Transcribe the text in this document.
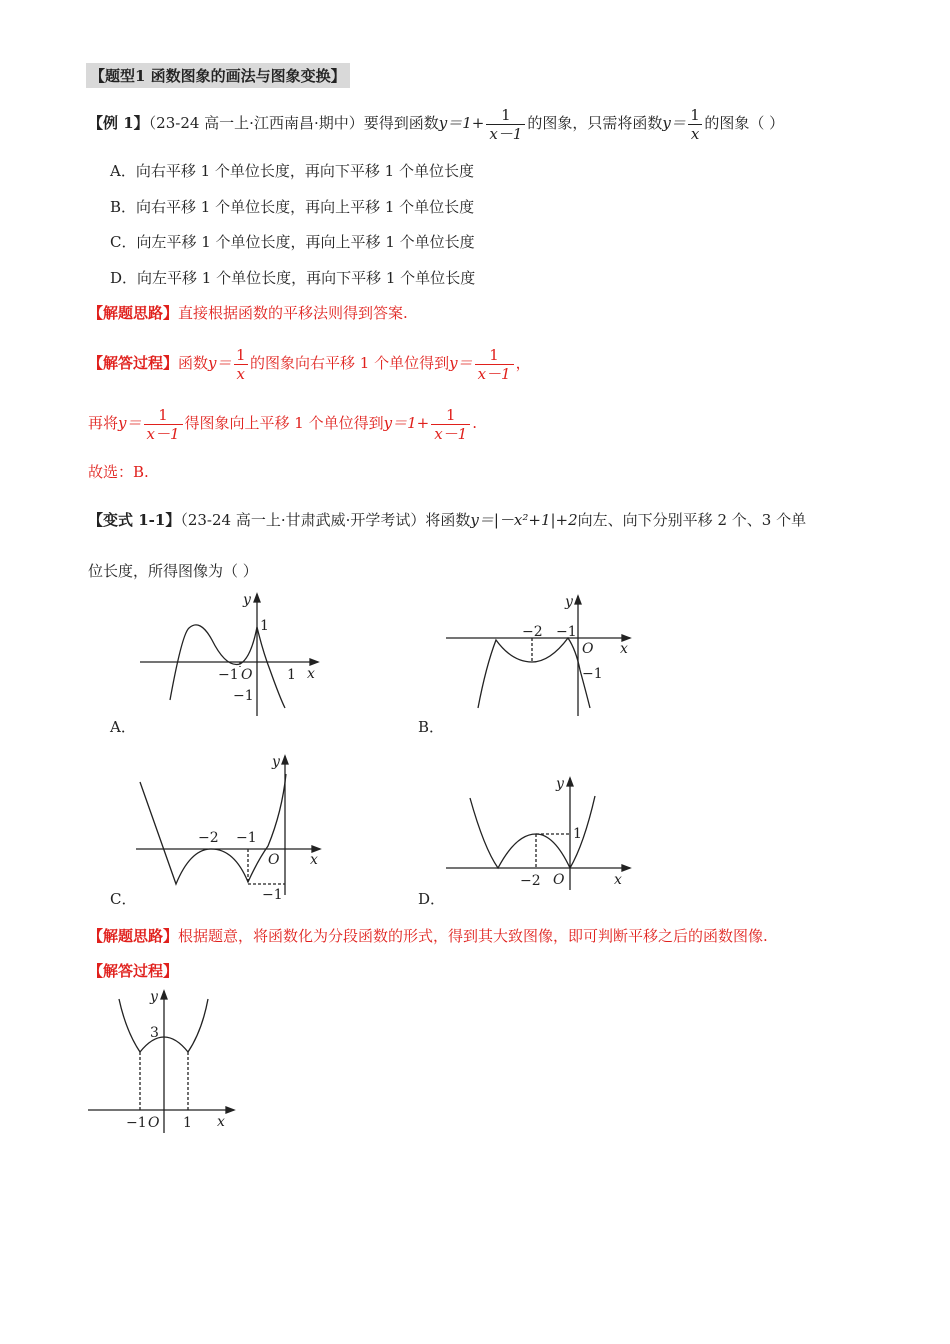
【题型1 函数图象的画法与图象变换】
【例 1】（23-24 高一上·江西南昌·期中）要得到函数$y=1+ \frac{1}{x-1}$ 的图象，只需将函数$y= \frac{1}{x}$ 的图象（ ）
A．向右平移 1 个单位长度，再向下平移 1 个单位长度
B．向右平移 1 个单位长度，再向上平移 1 个单位长度
C．向左平移 1 个单位长度，再向上平移 1 个单位长度
D．向左平移 1 个单位长度，再向下平移 1 个单位长度
【解题思路】直接根据函数的平移法则得到答案.
【解答过程】函数$y= \frac{1}{x}$ 的图象向右平移 1 个单位得到$y= \frac{1}{x-1}$ ，
再将$y= \frac{1}{x-1}$ 得图象向上平移 1 个单位得到$y=1+ \frac{1}{x-1}$ .
故选：B.
【变式 1-1】（23-24 高一上·甘肃武威·开学考试）将函数y＝|－x²+1|+2向左、向下分别平移 2 个、3 个单
位长度，所得图像为（ ）
1
−1 O 1
−1
x
y
A．
−2 −1
O
−1
x
y
B．
−2 −1
O
−1
x
y
C．
1
−2 O	x
y
D．
【解题思路】根据题意，将函数化为分段函数的形式，得到其大致图像，即可判断平移之后的函数图像.
【解答过程】
3
−1 O 1 x
y
